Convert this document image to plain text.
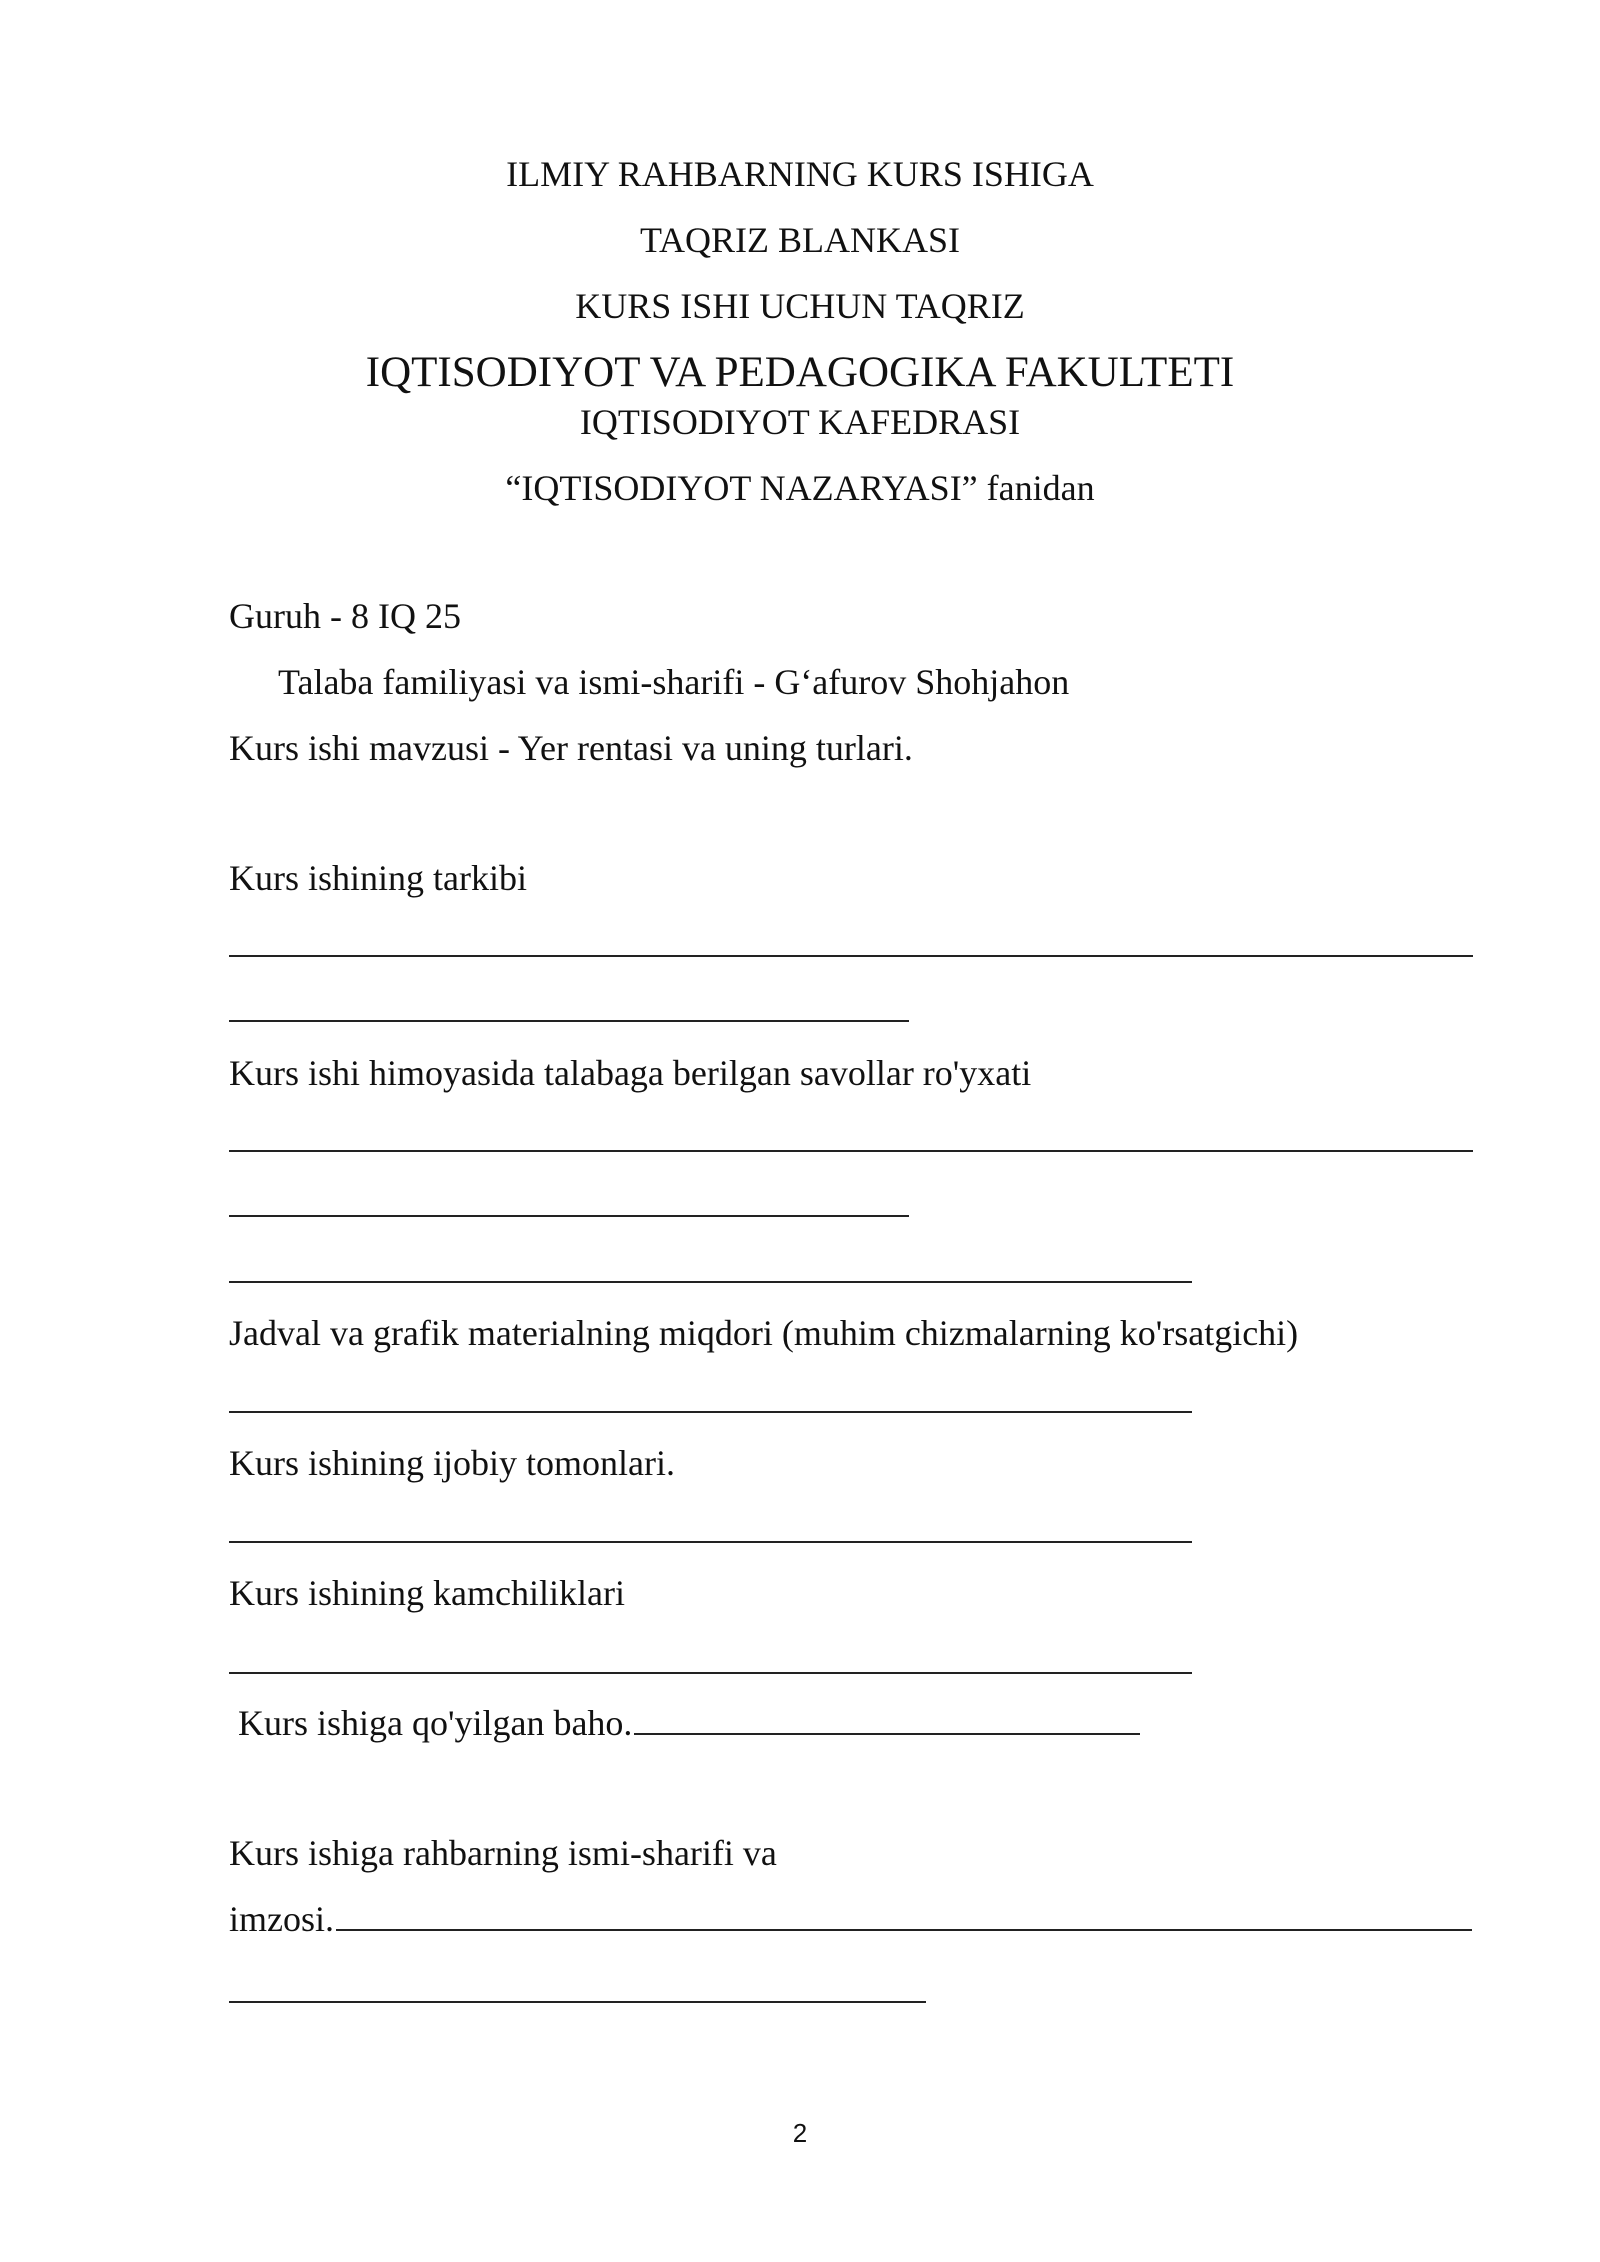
ILMIY RAHBARNING KURS ISHIGA
TAQRIZ BLANKASI
KURS ISHI UCHUN TAQRIZ
IQTISODIYOT VA PEDAGOGIKA FAKULTETI
IQTISODIYOT KAFEDRASI
“IQTISODIYOT NAZARYASI” fanidan
Guruh - 8 IQ 25
Talaba familiyasi va ismi-sharifi - G‘afurov Shohjahon
Kurs ishi mavzusi - Yer rentasi va uning turlari.
Kurs ishining tarkibi
Kurs ishi himoyasida talabaga berilgan savollar ro'yxati
Jadval va grafik materialning miqdori (muhim chizmalarning ko'rsatgichi)
Kurs ishining ijobiy tomonlari.
Kurs ishining kamchiliklari
Kurs ishiga qo'yilgan baho.
Kurs ishiga rahbarning ismi-sharifi va
imzosi.
2
